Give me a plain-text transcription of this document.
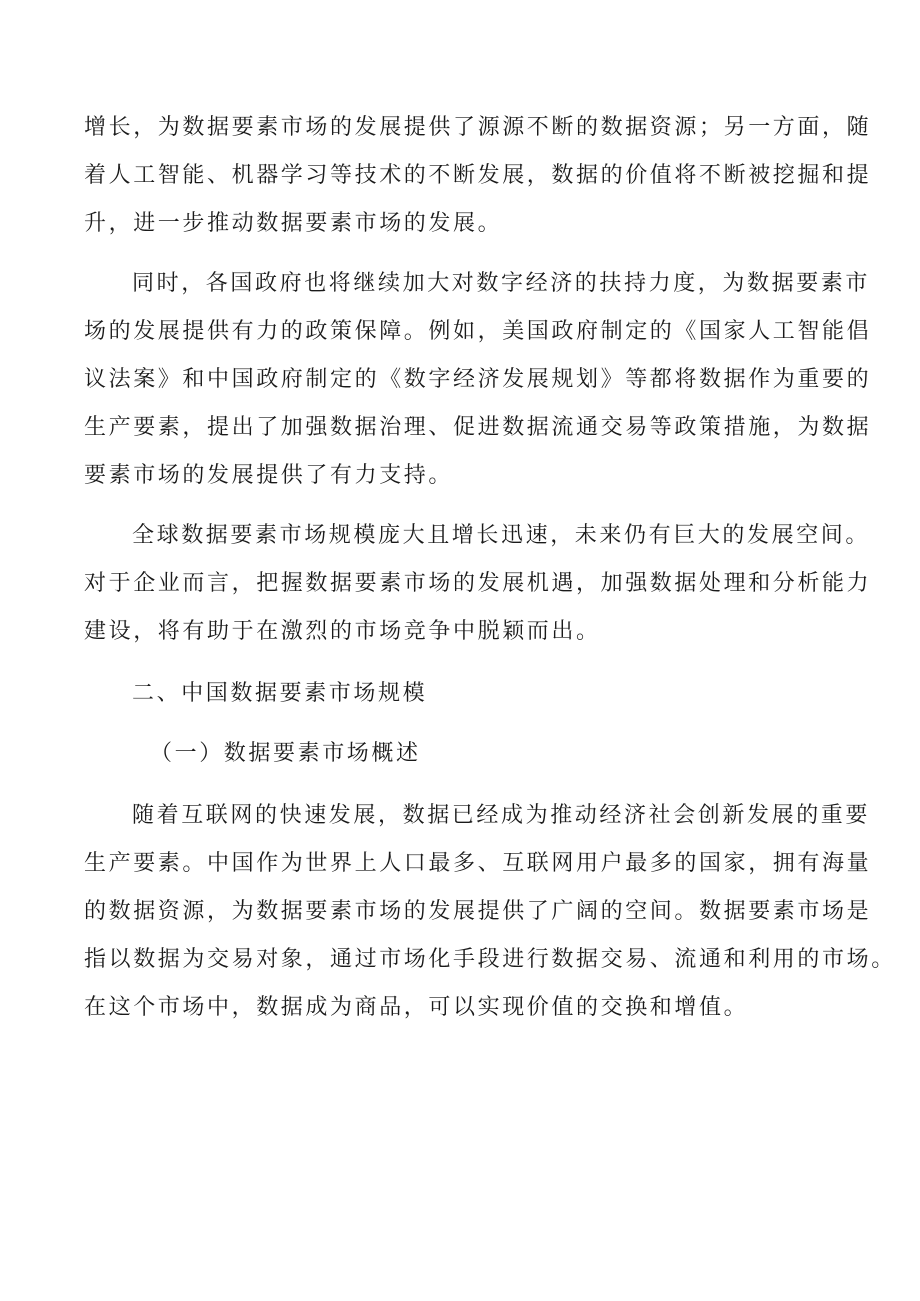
增长，为数据要素市场的发展提供了源源不断的数据资源；另一方面，随

着人工智能、机器学习等技术的不断发展，数据的价值将不断被挖掘和提

升，进一步推动数据要素市场的发展。

同时，各国政府也将继续加大对数字经济的扶持力度，为数据要素市

场的发展提供有力的政策保障。例如，美国政府制定的《国家人工智能倡

议法案》和中国政府制定的《数字经济发展规划》等都将数据作为重要的

生产要素，提出了加强数据治理、促进数据流通交易等政策措施，为数据

要素市场的发展提供了有力支持。

全球数据要素市场规模庞大且增长迅速，未来仍有巨大的发展空间。

对于企业而言，把握数据要素市场的发展机遇，加强数据处理和分析能力

建设，将有助于在激烈的市场竞争中脱颖而出。

二、中国数据要素市场规模
（一）数据要素市场概述

随着互联网的快速发展，数据已经成为推动经济社会创新发展的重要

生产要素。中国作为世界上人口最多、互联网用户最多的国家，拥有海量

的数据资源，为数据要素市场的发展提供了广阔的空间。数据要素市场是

指以数据为交易对象，通过市场化手段进行数据交易、流通和利用的市场。

在这个市场中，数据成为商品，可以实现价值的交换和增值。
